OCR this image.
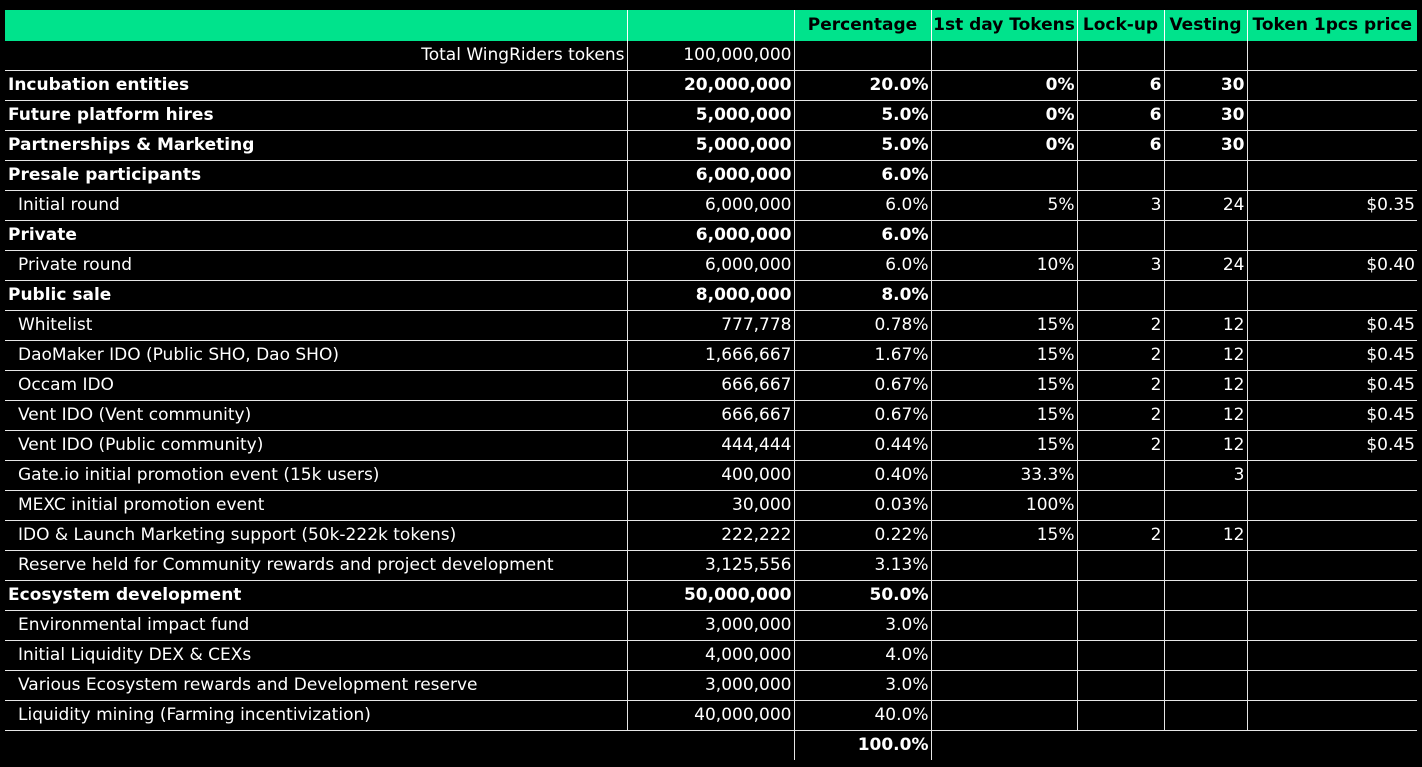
		Percentage	1st day Tokens	Lock-up	Vesting	Token 1pcs price
Total WingRiders tokens	100,000,000					
Incubation entities	20,000,000	20.0%	0%	6	30	
Future platform hires	5,000,000	5.0%	0%	6	30	
Partnerships & Marketing	5,000,000	5.0%	0%	6	30	
Presale participants	6,000,000	6.0%				
Initial round	6,000,000	6.0%	5%	3	24	$0.35
Private	6,000,000	6.0%				
Private round	6,000,000	6.0%	10%	3	24	$0.40
Public sale	8,000,000	8.0%				
Whitelist	777,778	0.78%	15%	2	12	$0.45
DaoMaker IDO (Public SHO, Dao SHO)	1,666,667	1.67%	15%	2	12	$0.45
Occam IDO	666,667	0.67%	15%	2	12	$0.45
Vent IDO (Vent community)	666,667	0.67%	15%	2	12	$0.45
Vent IDO (Public community)	444,444	0.44%	15%	2	12	$0.45
Gate.io initial promotion event (15k users)	400,000	0.40%	33.3%		3	
MEXC initial promotion event	30,000	0.03%	100%			
IDO & Launch Marketing support (50k-222k tokens)	222,222	0.22%	15%	2	12	
Reserve held for Community rewards and project development	3,125,556	3.13%				
Ecosystem development	50,000,000	50.0%				
Environmental impact fund	3,000,000	3.0%				
Initial Liquidity DEX & CEXs	4,000,000	4.0%				
Various Ecosystem rewards and Development reserve	3,000,000	3.0%				
Liquidity mining (Farming incentivization)	40,000,000	40.0%				
		100.0%				
